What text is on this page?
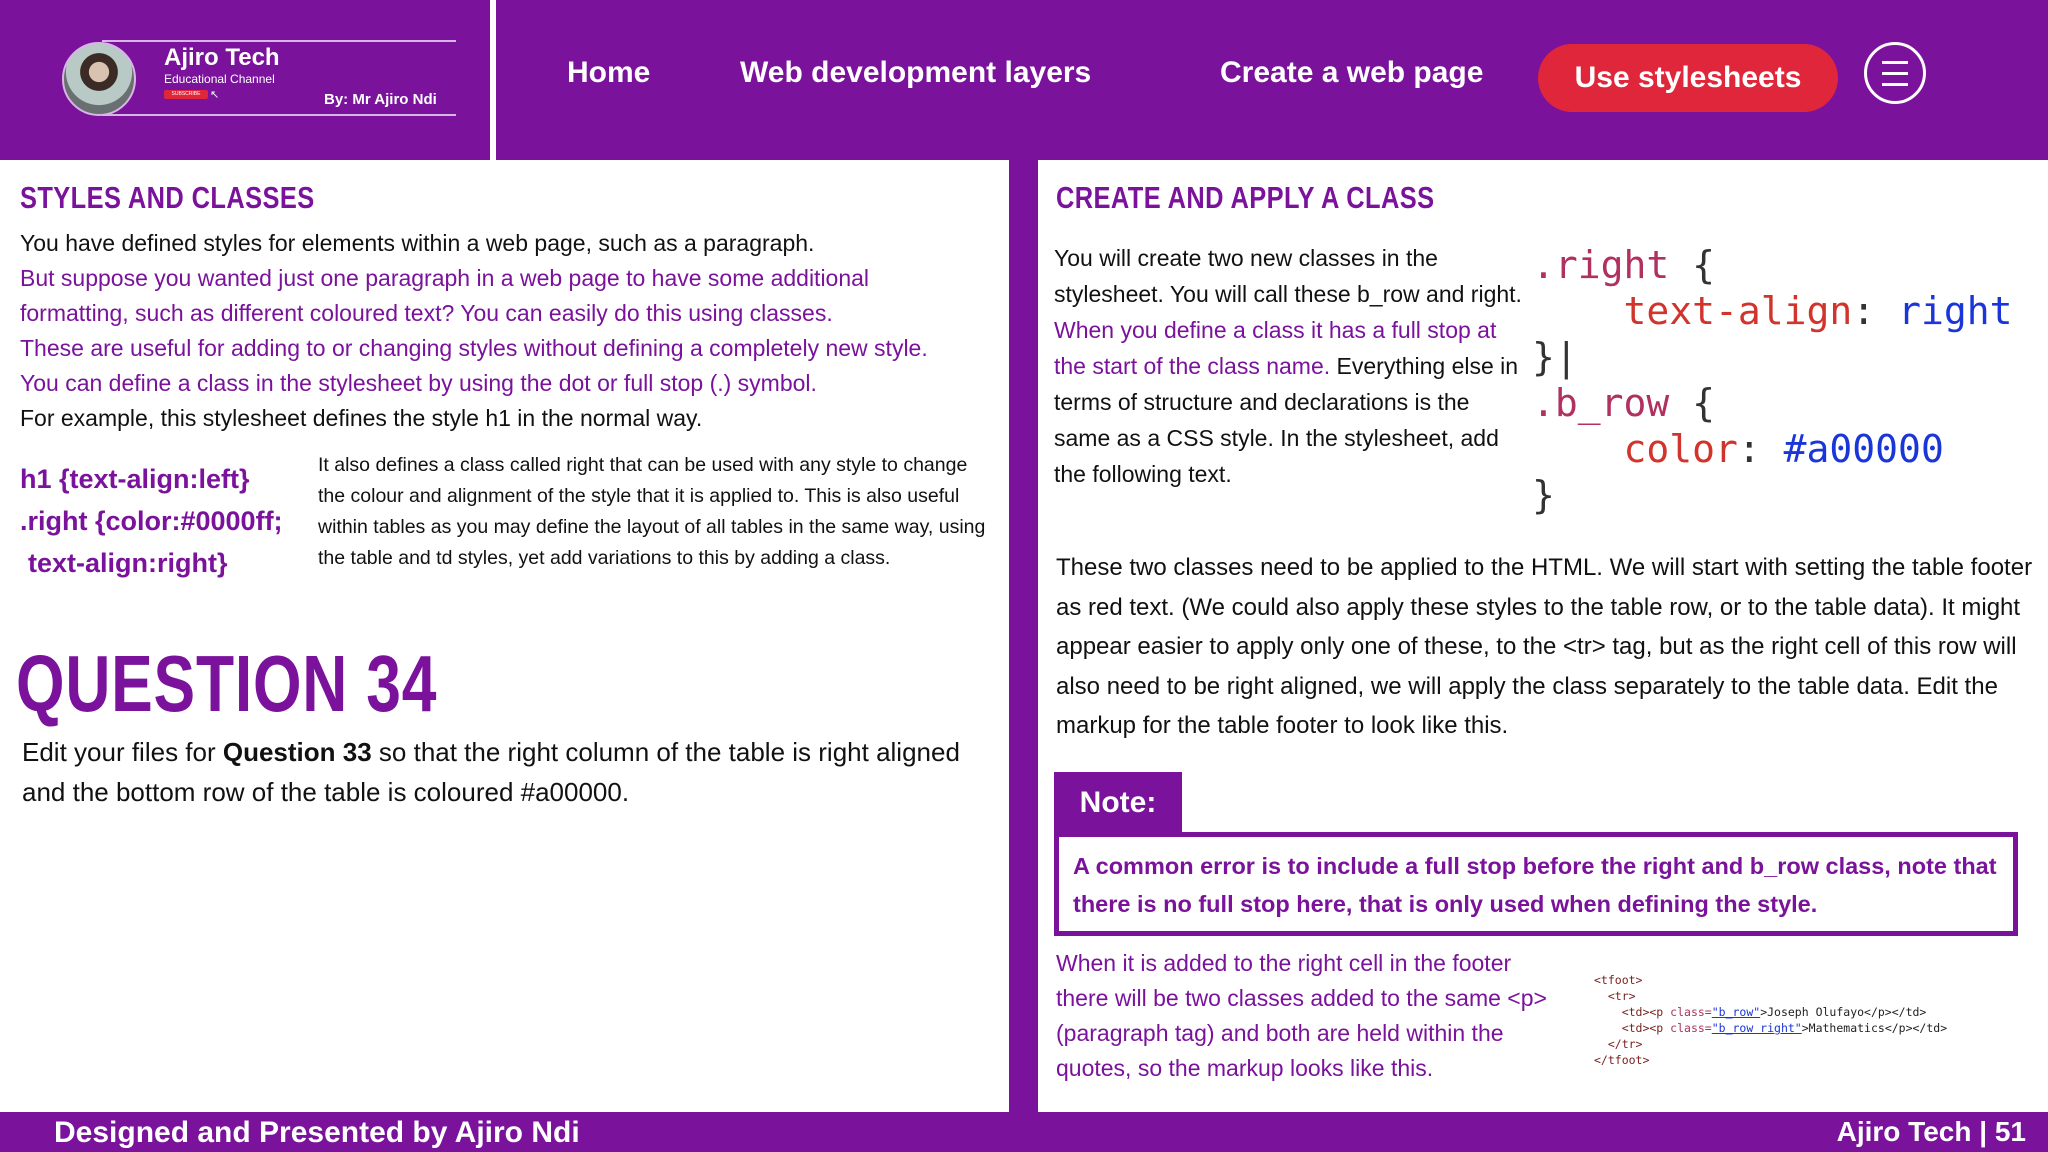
Ajiro Tech
Educational Channel
SUBSCRIBE ↖	By: Mr Ajiro Ndi
Home	Web development layers	Create a web page	Use stylesheets
STYLES AND CLASSES
You have defined styles for elements within a web page, such as a paragraph.
But suppose you wanted just one paragraph in a web page to have some additional
formatting, such as different coloured text? You can easily do this using classes.
These are useful for adding to or changing styles without defining a completely new style.
You can define a class in the stylesheet by using the dot or full stop (.) symbol.
For example, this stylesheet defines the style h1 in the normal way.
h1 {text-align:left}
.right {color:#0000ff;
text-align:right}
It also defines a class called right that can be used with any style to change the colour and alignment of the style that it is applied to. This is also useful within tables as you may define the layout of all tables in the same way, using the table and td styles, yet add variations to this by adding a class.
QUESTION 34
Edit your files for Question 33 so that the right column of the table is right aligned and the bottom row of the table is coloured #a00000.
CREATE AND APPLY A CLASS
You will create two new classes in the stylesheet. You will call these b_row and right.
When you define a class it has a full stop at the start of the class name. Everything else in terms of structure and declarations is the same as a CSS style. In the stylesheet, add the following text.
.right {
text-align: right
}|
.b_row {
color: #a00000
}
These two classes need to be applied to the HTML. We will start with setting the table footer as red text. (We could also apply these styles to the table row, or to the table data). It might appear easier to apply only one of these, to the <tr> tag, but as the right cell of this row will also need to be right aligned, we will apply the class separately to the table data. Edit the markup for the table footer to look like this.
Note:
A common error is to include a full stop before the right and b_row class, note that there is no full stop here, that is only used when defining the style.
When it is added to the right cell in the footer there will be two classes added to the same <p> (paragraph tag) and both are held within the quotes, so the markup looks like this.
<tfoot>
<tr>
<td><p class="b_row">Joseph Olufayo</p></td>
<td><p class="b_row right">Mathematics</p></td>
</tr>
</tfoot>
Designed and Presented by Ajiro Ndi	Ajiro Tech | 51
